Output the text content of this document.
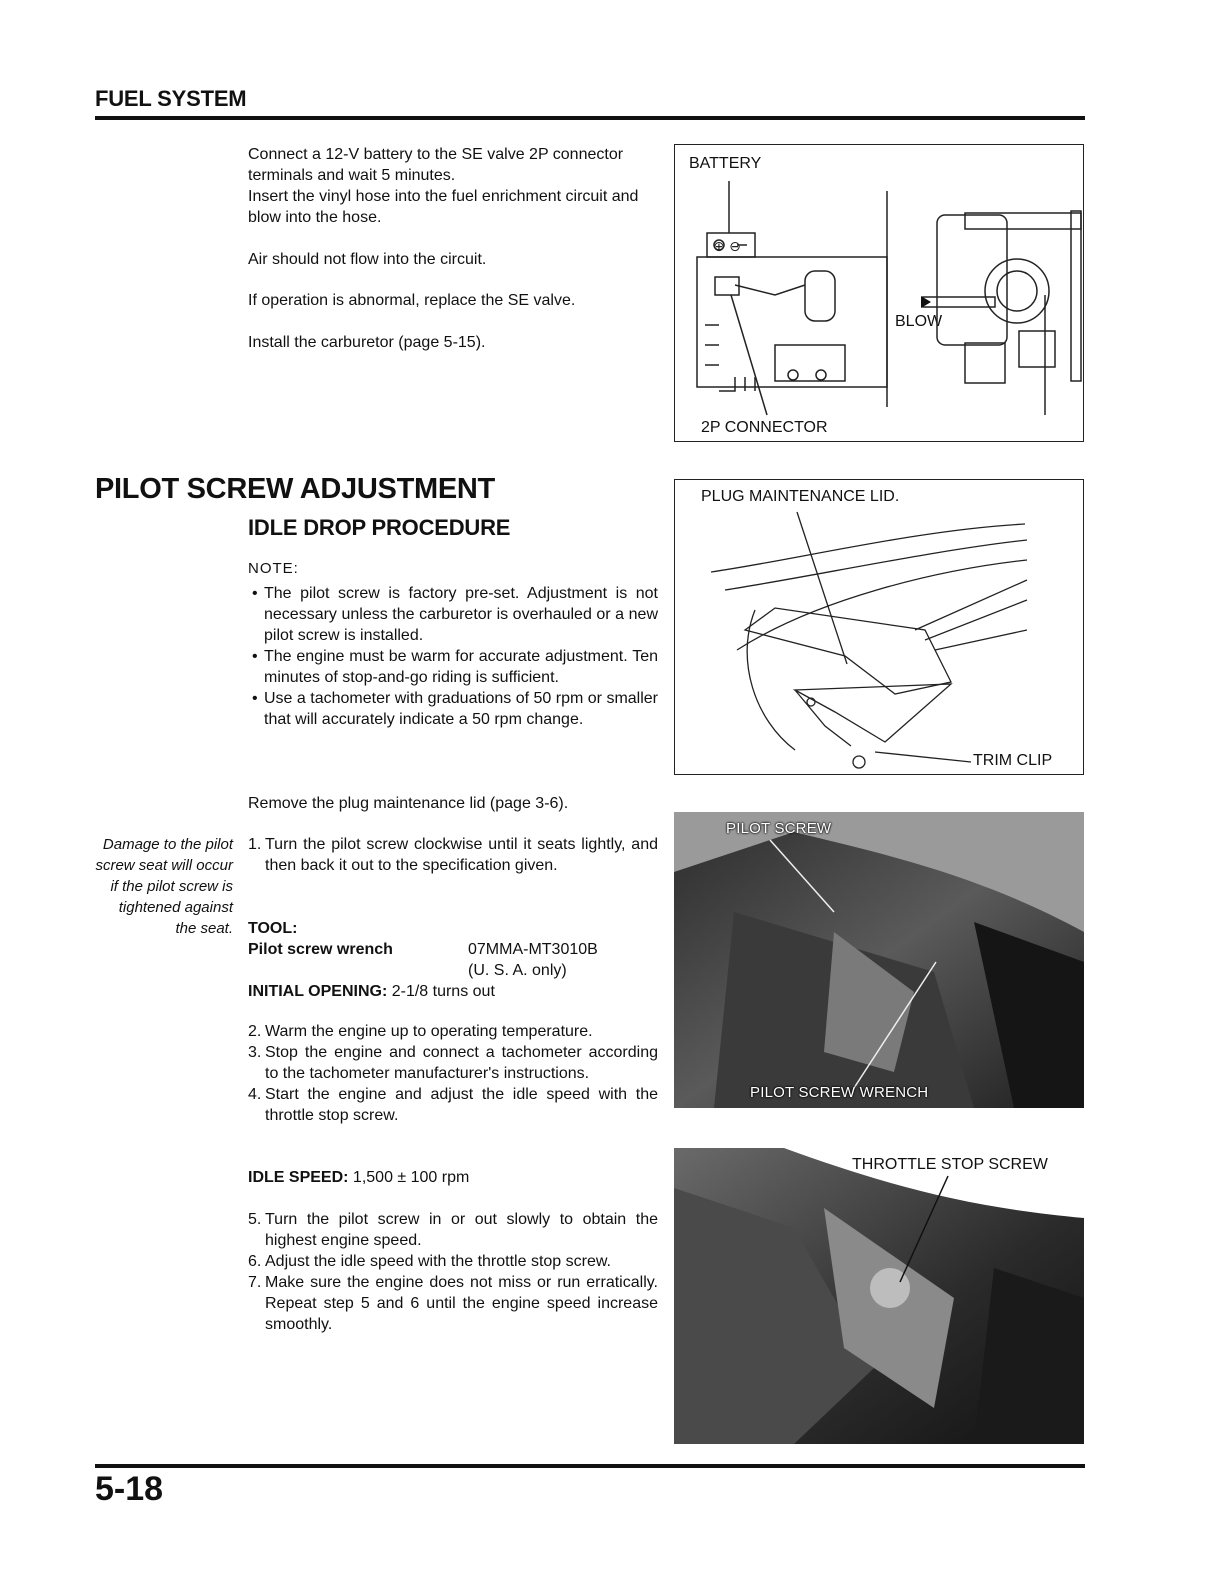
FUEL SYSTEM
Connect a 12-V battery to the SE valve 2P connector terminals and wait 5 minutes.
Insert the vinyl hose into the fuel enrichment circuit and blow into the hose.
Air should not flow into the circuit.
If operation is abnormal, replace the SE valve.
Install the carburetor (page 5-15).
BATTERY
BLOW
2P CONNECTOR
⊕ ⊖
PILOT SCREW ADJUSTMENT
IDLE DROP PROCEDURE
NOTE:
• The pilot screw is factory pre-set. Adjustment is not necessary unless the carburetor is overhauled or a new pilot screw is installed.
• The engine must be warm for accurate adjustment. Ten minutes of stop-and-go riding is sufficient.
• Use a tachometer with graduations of 50 rpm or smaller that will accurately indicate a 50 rpm change.
Remove the plug maintenance lid (page 3-6).
Damage to the pilot screw seat will occur if the pilot screw is tightened against the seat.
1. Turn the pilot screw clockwise until it seats lightly, and then back it out to the specification given.
TOOL:
Pilot screw wrench	07MMA-MT3010B
(U. S. A. only)
INITIAL OPENING: 2-1/8 turns out
2. Warm the engine up to operating temperature.
3. Stop the engine and connect a tachometer according to the tachometer manufacturer's instructions.
4. Start the engine and adjust the idle speed with the throttle stop screw.
IDLE SPEED: 1,500 ± 100 rpm
5. Turn the pilot screw in or out slowly to obtain the highest engine speed.
6. Adjust the idle speed with the throttle stop screw.
7. Make sure the engine does not miss or run erratically. Repeat step 5 and 6 until the engine speed increase smoothly.
PLUG MAINTENANCE LID.
TRIM CLIP
PILOT SCREW
PILOT SCREW WRENCH
THROTTLE STOP SCREW
5-18
